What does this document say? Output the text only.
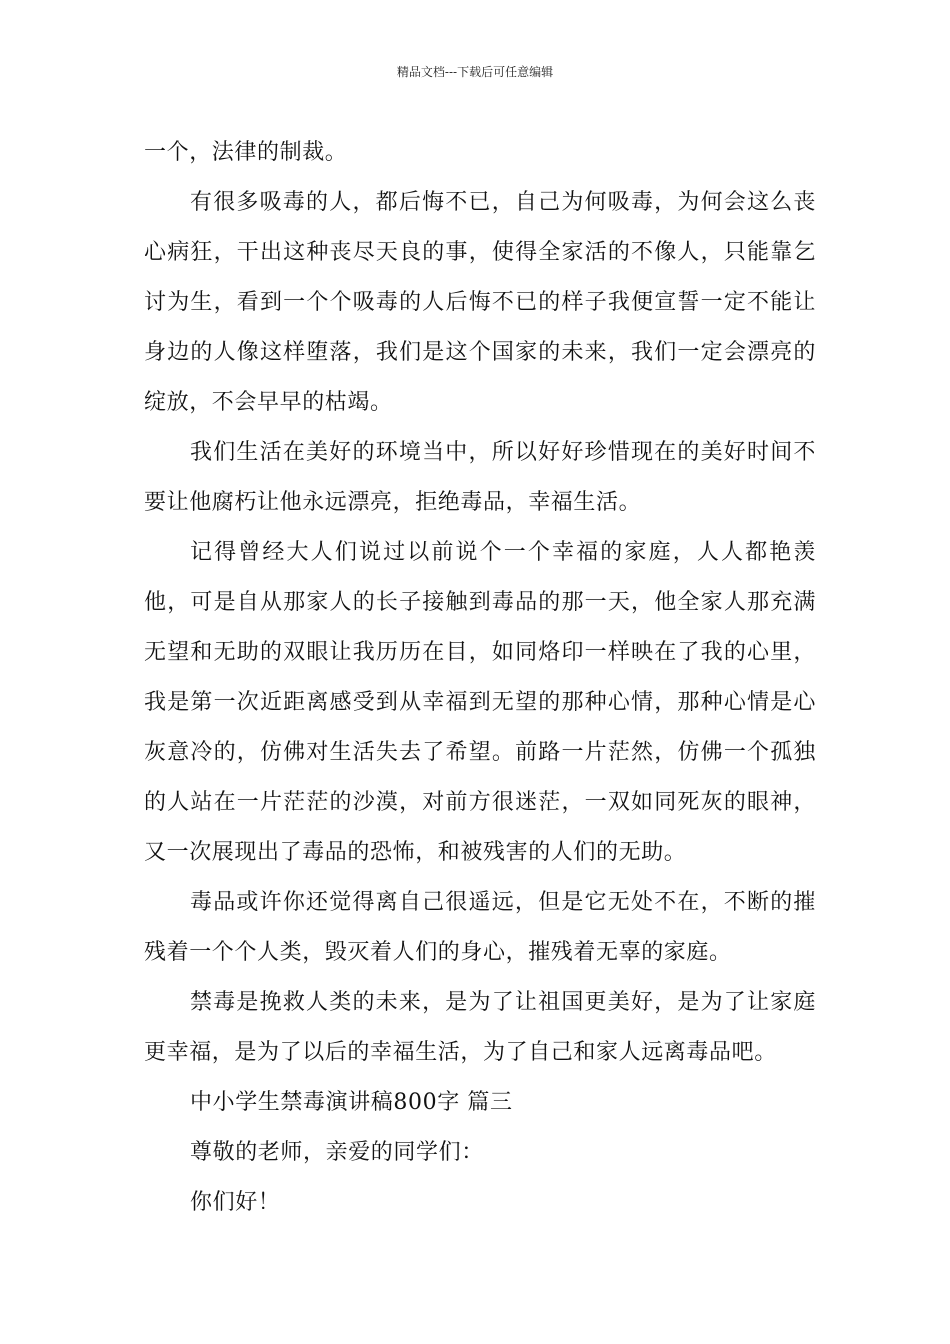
精品文档---下载后可任意编辑

一个，法律的制裁。

有很多吸毒的人，都后悔不已，自己为何吸毒，为何会这么丧心病狂，干出这种丧尽天良的事，使得全家活的不像人，只能靠乞讨为生，看到一个个吸毒的人后悔不已的样子我便宣誓一定不能让身边的人像这样堕落，我们是这个国家的未来，我们一定会漂亮的绽放，不会早早的枯竭。

我们生活在美好的环境当中，所以好好珍惜现在的美好时间不要让他腐朽让他永远漂亮，拒绝毒品，幸福生活。

记得曾经大人们说过以前说个一个幸福的家庭，人人都艳羡他，可是自从那家人的长子接触到毒品的那一天，他全家人那充满无望和无助的双眼让我历历在目，如同烙印一样映在了我的心里，我是第一次近距离感受到从幸福到无望的那种心情，那种心情是心灰意冷的，仿佛对生活失去了希望。前路一片茫然，仿佛一个孤独的人站在一片茫茫的沙漠，对前方很迷茫，一双如同死灰的眼神，又一次展现出了毒品的恐怖，和被残害的人们的无助。

毒品或许你还觉得离自己很遥远，但是它无处不在，不断的摧残着一个个人类，毁灭着人们的身心，摧残着无辜的家庭。

禁毒是挽救人类的未来，是为了让祖国更美好，是为了让家庭更幸福，是为了以后的幸福生活，为了自己和家人远离毒品吧。

中小学生禁毒演讲稿800字 篇三

尊敬的老师，亲爱的同学们：

你们好！
